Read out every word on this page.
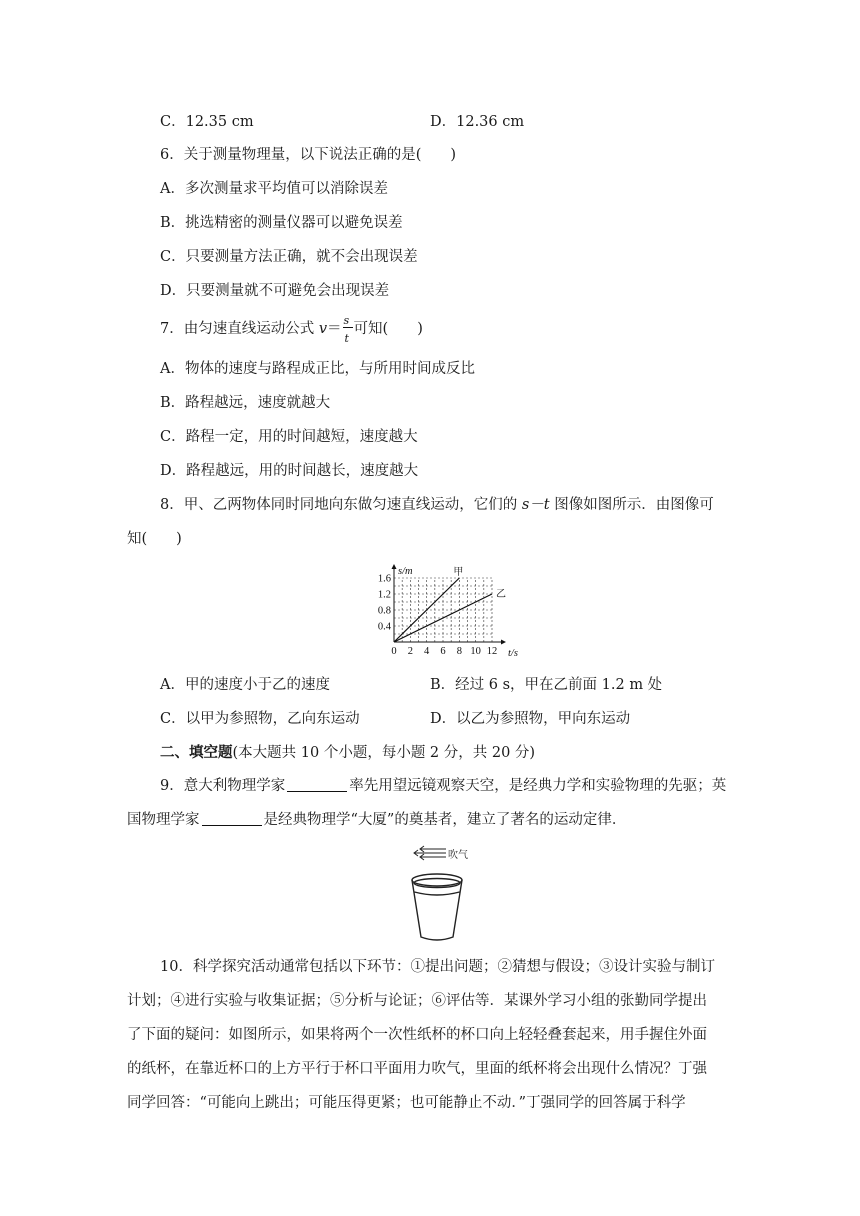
C．12.35 cm	D．12.36 cm
6．关于测量物理量，以下说法正确的是(　　)
A．多次测量求平均值可以消除误差
B．挑选精密的测量仪器可以避免误差
C．只要测量方法正确，就不会出现误差
D．只要测量就不可避免会出现误差
7．由匀速直线运动公式 $v= \frac{s}{t}$ 可知(　　)
A．物体的速度与路程成正比，与所用时间成反比
B．路程越远，速度就越大
C．路程一定，用的时间越短，速度越大
D．路程越远，用的时间越长，速度越大
8．甲、乙两物体同时同地向东做匀速直线运动，它们的 s－t 图像如图所示．由图像可
知(　　)
0 2 4 6 8 10 12
0.4
0.8
1.2
1.6
t/s
s/m	甲
乙
A．甲的速度小于乙的速度	B．经过 6 s，甲在乙前面 1.2 m 处
C．以甲为参照物，乙向东运动	D．以乙为参照物，甲向东运动
二、填空题(本大题共 10 个小题，每小题 2 分，共 20 分)
9．意大利物理学家	率先用望远镜观察天空，是经典力学和实验物理的先驱；英
国物理学家	是经典物理学“大厦”的奠基者，建立了著名的运动定律．
吹气
10．科学探究活动通常包括以下环节：①提出问题；②猜想与假设；③设计实验与制订
计划；④进行实验与收集证据；⑤分析与论证；⑥评估等．某课外学习小组的张勤同学提出
了下面的疑问：如图所示，如果将两个一次性纸杯的杯口向上轻轻叠套起来，用手握住外面
的纸杯，在靠近杯口的上方平行于杯口平面用力吹气，里面的纸杯将会出现什么情况？丁强
同学回答：“可能向上跳出；可能压得更紧；也可能静止不动．”丁强同学的回答属于科学
